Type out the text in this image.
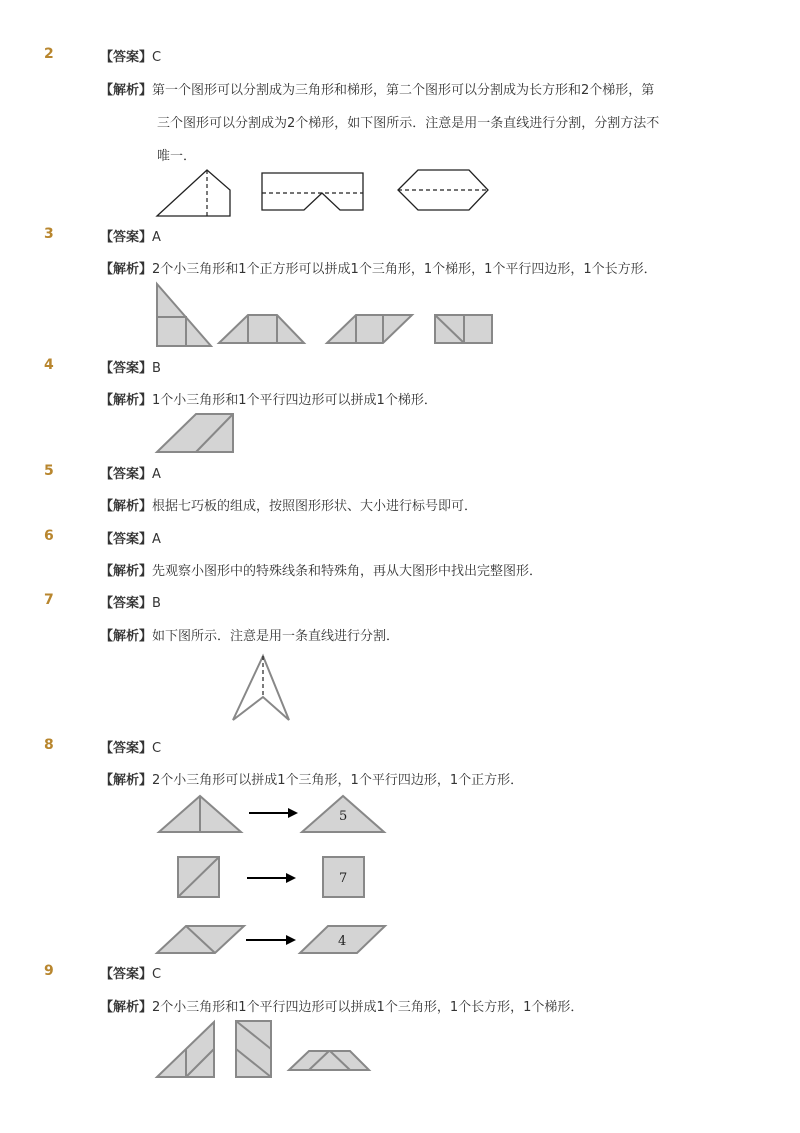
2	【答案】C
【解析】第一个图形可以分割成为三角形和梯形，第二个图形可以分割成为长方形和2个梯形，第
三个图形可以分割成为2个梯形，如下图所示．注意是用一条直线进行分割，分割方法不
唯一．
3	【答案】A
【解析】2个小三角形和1个正方形可以拼成1个三角形，1个梯形，1个平行四边形，1个长方形．
4	【答案】B
【解析】1个小三角形和1个平行四边形可以拼成1个梯形．
5	【答案】A
【解析】根据七巧板的组成，按照图形形状、大小进行标号即可．
6	【答案】A
【解析】先观察小图形中的特殊线条和特殊角，再从大图形中找出完整图形．
7	【答案】B
【解析】如下图所示．注意是用一条直线进行分割．
8	【答案】C
【解析】2个小三角形可以拼成1个三角形，1个平行四边形，1个正方形．
9	【答案】C
【解析】2个小三角形和1个平行四边形可以拼成1个三角形，1个长方形，1个梯形．
5
7
4
